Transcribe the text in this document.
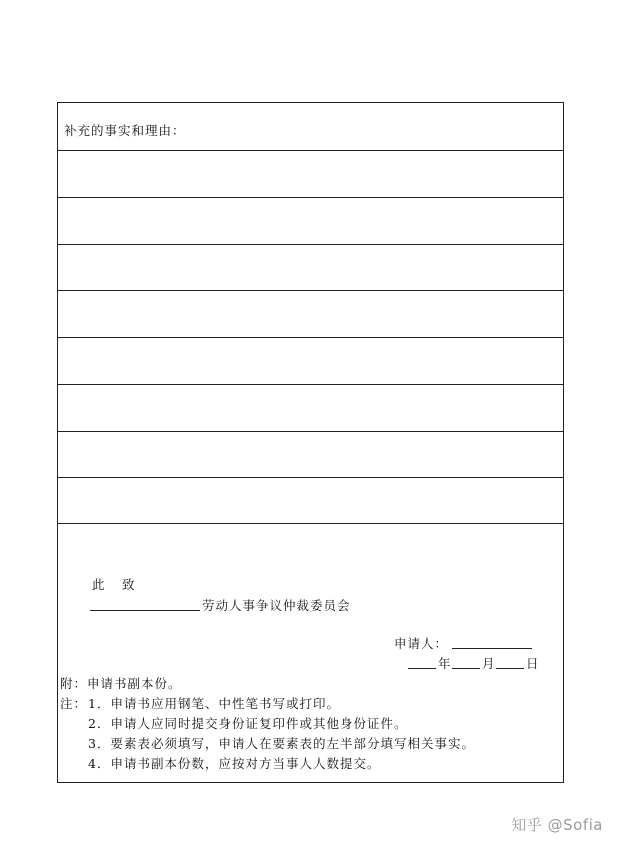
补充的事实和理由：
此 致
劳动人事争议仲裁委员会
申请人：
年 月 日
附：申请书副本份。
注： 1．申请书应用钢笔、中性笔书写或打印。
2．申请人应同时提交身份证复印件或其他身份证件。
3．要素表必须填写，申请人在要素表的左半部分填写相关事实。
4．申请书副本份数，应按对方当事人人数提交。
知乎 @Sofia
